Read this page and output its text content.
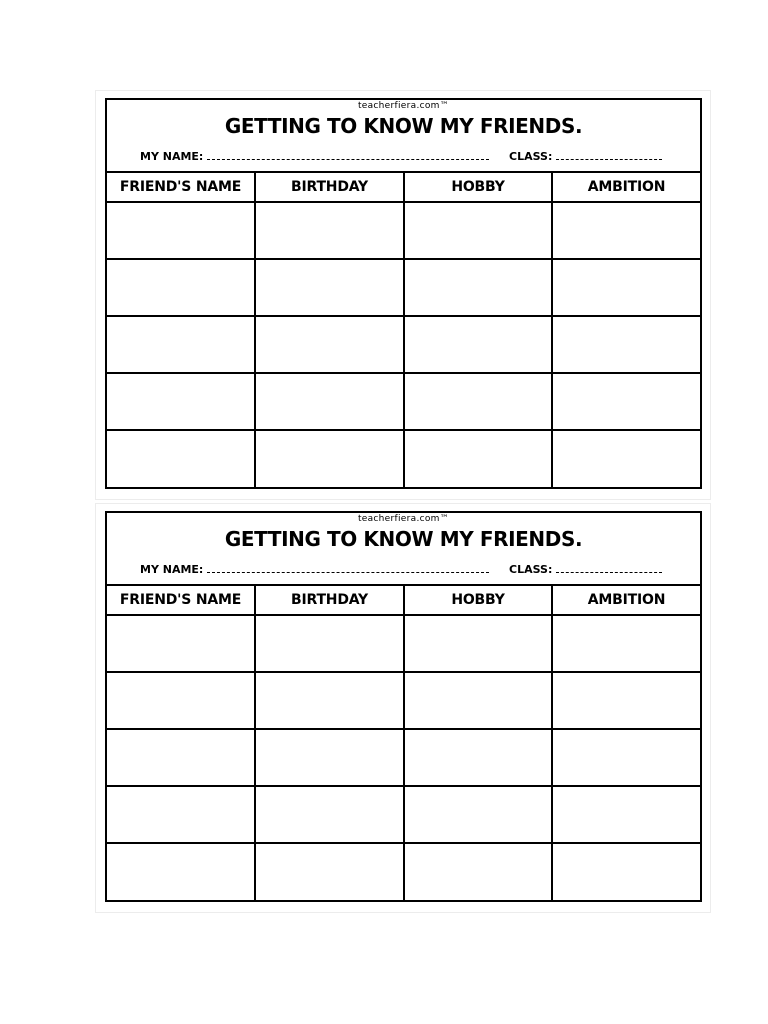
teacherfiera.com™
GETTING TO KNOW MY FRIENDS.
MY NAME:	CLASS:
FRIEND'S NAME	BIRTHDAY	HOBBY	AMBITION

teacherfiera.com™
GETTING TO KNOW MY FRIENDS.
MY NAME:	CLASS:
FRIEND'S NAME	BIRTHDAY	HOBBY	AMBITION
